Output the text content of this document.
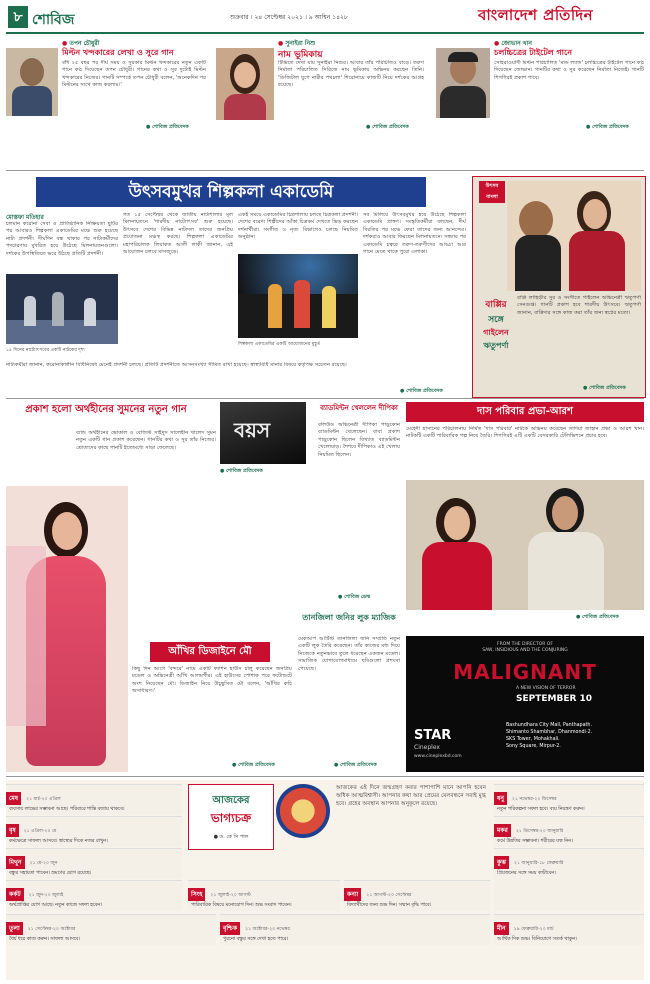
৮ শোবিজ	শুক্রবার । ২৪ সেপ্টেম্বর ২০২১ । ৯ আশ্বিন ১৪২৮	বাংলাদেশ প্রতিদিন
● তপন চৌধুরী
মিল্টন খন্দকারের লেখা ও সুরে গান
বাঁধ ২৫ বছর পর দীর্ঘ সময় ও সুরকার মিল্টন খন্দকারের নতুন একটি গানে কণ্ঠ দিয়েছেন তপন চৌধুরী। গানের কথা ও সুর দুটোই মিল্টন খন্দকারের নিজের। গানটি সম্পর্কে তপন চৌধুরী বলেন, 'অনেকদিন পর মিল্টনের সাথে কাজ করলাম।'
● শোবিজ প্রতিবেদক
● সুনাইরা নিশু
নাম ভূমিকায়
টিভিতে দেখা যায় সুনাইরা নিশুর। আবার তাঁর পরিচিতিও বাড়ে। তরুণ নির্মাতা পরিচালিত সিরিজে নাম ভূমিকায় অভিনয় করছেন তিনি। 'ডিজিটাল যুগে নারীর পথচলা' শিরোনামে কাজটি নিয়ে দর্শকের আগ্রহ রয়েছে।
● শোবিজ প্রতিবেদক
● জোভান খান
চলচ্চিত্রের টাইটেল গানে
সোহরাওয়ার্দী মিল্টন পরিচালিত 'মাড ল্যান্ড' চলচ্চিত্রের টাইটেল গানে কণ্ঠ দিয়েছেন জোভান। গানটির কথা ও সুর করেছেন নির্মাতা নিজেই। গানটি শিগগিরই প্রকাশ পাবে।
● শোবিজ প্রতিবেদক
উৎসবমুখর শিল্পকলা একাডেমি
মোস্তফা মতিহার
চলমান করোনা সেবা ও প্রাতিষ্ঠানিক নিষ্ক্রিয়তা ছুটির পর আবারও শিল্পকলা একাডেমির মঞ্চে শুরু হয়েছে নাট্য প্রদর্শনী। দীর্ঘদিন বন্ধ থাকার পর নাট্যকর্মীদের পদচারণায় মুখরিত হয়ে উঠেছে মিলনায়তনগুলো। দর্শকের উপস্থিতিতে ভরে উঠছে প্রতিটি প্রদর্শনী।
১৫ দিনের নাট্যোৎসবের একটি নাটকের দৃশ্য
গত ১৫ সেপ্টেম্বর থেকে জাতীয় নাট্যশালার মূল মিলনায়তনে 'শারদীয় নাট্যোৎসব' শুরু হয়েছে। উৎসবে দেশের বিভিন্ন নাট্যদল তাদের জনপ্রিয় প্রযোজনা মঞ্চস্থ করছে। শিল্পকলা একাডেমির মহাপরিচালক লিয়াকত আলী লাকী জানান, এই আয়োজন চলবে মাসজুড়ে।
শিল্পকলা একাডেমির একটি আয়োজনের মুহূর্ত
একই সময়ে একাডেমির চিত্রশালায় চলছে চিত্রকলা প্রদর্শনী। দেশের বরেণ্য শিল্পীদের আঁকা চিত্রকর্ম দেখতে ভিড় করছেন দর্শনার্থীরা। সংগীত ও নৃত্য বিভাগেও চলছে নিয়মিত অনুষ্ঠান।
সব মিলিয়ে উৎসবমুখর হয়ে উঠেছে শিল্পকলা একাডেমি প্রাঙ্গণ। সংস্কৃতিকর্মীরা বলছেন, দীর্ঘ বিরতির পর মঞ্চে ফেরা তাদের জন্য আনন্দের। দর্শকরাও আবার ফিরছেন মিলনায়তনে। সন্ধ্যার পর একাডেমি চত্বরে তরুণ-তরুণীদের আড্ডা আর গানে মেতে থাকে পুরো এলাকা।
নাট্যকর্মীরা জানান, করোনাকালীন বিধিনিষেধ মেনেই প্রদর্শনী চলছে। প্রতিটি প্রদর্শনীতে আসনসংখ্যা সীমিত রাখা হয়েছে। স্বাস্থ্যবিধি মানার বিষয়ে কর্তৃপক্ষ সচেতন রয়েছে।
● শোবিজ প্রতিবেদক
উৎসব
বাংলা
বাপ্পির
সঙ্গে
গাইলেন
ঋতুপর্ণা
বাপ্পি লাহিড়ীর সুর ও সংগীতে গাইলেন অভিনেত্রী ঋতুপর্ণা সেনগুপ্ত। গানটি প্রকাশ হবে শারদীয় উৎসবে। ঋতুপর্ণা জানান, বাপ্পিদার সঙ্গে কাজ করা তাঁর জন্য স্বপ্নের মতো।
● শোবিজ প্রতিবেদক
প্রকাশ হলো অর্থহীনের সুমনের নতুন গান
ব্যান্ড অর্থহীনের ভোকাল ও বেজিস্ট সাইদুস সালেহীন খালেদ সুমন নতুন একটি গান প্রকাশ করেছেন। গানটির কথা ও সুর তাঁর নিজের। শ্রোতাদের কাছে গানটি ইতোমধ্যে সাড়া ফেলেছে।
বয়স
● শোবিজ প্রতিবেদক
ব্যাডমিন্টন খেললেন দীপিকা
বলিউড অভিনেত্রী দীপিকা পাড়ুকোন ব্যাডমিন্টন খেলেছেন। বাবা প্রকাশ পাড়ুকোন ছিলেন বিখ্যাত ব্যাডমিন্টন খেলোয়াড়। শৈশবে দীপিকাও এই খেলায় নিয়মিত ছিলেন।
● শোবিজ ডেস্ক
দাস পরিবার প্রভা-আরশ
মেহেদী হাসানের পরিচালনায় নির্মিত 'দাস পরিবার' নাটকে অভিনয় করেছেন সাদিয়া জাহান প্রভা ও আরশ খান। নাটকটি একটি পারিবারিক গল্প নিয়ে তৈরি। শিগগিরই এটি একটি বেসরকারি টেলিভিশনে প্রচার হবে।
● শোবিজ প্রতিবেদক
আঁখির ডিজাইনে মৌ
কিছু দিন আগে 'বন্দরে' নামে একটি ফ্যাশন হাউস চালু করেছেন জনপ্রিয় মডেল ও অভিনেত্রী আঁখি আলমগীর। এই হাউসের পোশাক পরে ফটোশুটে অংশ নিয়েছেন মৌ। ডিজাইন নিয়ে উচ্ছ্বসিত মৌ বলেন, 'আঁখির রুচি অসাধারণ।'
● শোবিজ প্রতিবেদক
তানজিলা জনির লুক ম্যাজিক
মেকআপ আর্টিস্ট তানজিলা জনি সম্প্রতি নতুন একটি লুক তৈরি করেছেন। তাঁর কাজের মধ্য দিয়ে নিজেকে নতুনভাবে তুলে ধরেছেন একজন মডেল। সামাজিক যোগাযোগমাধ্যমে ছবিগুলো প্রশংসা পেয়েছে।
● শোবিজ প্রতিবেদক
FROM THE DIRECTOR OF
SAW, INSIDIOUS AND THE CONJURING
MALIGNANT
A NEW VISION OF TERROR
SEPTEMBER 10
STAR
Cineplex
www.cineplexbd.com
Bashundhara City Mall, Panthapath.
Shimanto Shambhar, Dhanmondi-2.
SKS Tower, Mohakhali.
Sony Square, Mirpur-2.
আজকের
ভাগ্যচক্র
● ড. কে সি পাল
আজকের এই দিনে জন্মগ্রহণ করার পাশাপাশি মানে আপনি হবেন অধিক আত্মবিশ্বাসী। আপনার কথা আর প্রেমের মেলবন্ধনে সবাই মুগ্ধ হবে। গ্রহের অবস্থান আপনার অনুকূলে রয়েছে।
মেষ ২১ মার্চ-২০ এপ্রিল
ব্যবসায় লাভের সম্ভাবনা আছে। পরিবারে শান্তি বজায় থাকবে।
বৃষ ২১ এপ্রিল-২০ মে
কর্মক্ষেত্রে সাফল্য আসবে। স্বাস্থ্যের দিকে নজর রাখুন।
মিথুন ২১ মে-২০ জুন
বন্ধুর সহায়তা পাবেন। ভ্রমণের যোগ রয়েছে।
কর্কট ২১ জুন-২০ জুলাই
অর্থপ্রাপ্তির যোগ আছে। নতুন কাজে সফল হবেন।
সিংহ ২১ জুলাই-২০ আগস্ট
পারিবারিক বিষয়ে মনোযোগ দিন। শুভ সংবাদ পাবেন।
কন্যা ২১ আগস্ট-২০ সেপ্টেম্বর
বিদ্যার্থীদের জন্য শুভ দিন। সম্মান বৃদ্ধি পাবে।
তুলা ২১ সেপ্টেম্বর-২০ অক্টোবর
ধৈর্য ধরে কাজ করুন। সাফল্য আসবে।
বৃশ্চিক ২১ অক্টোবর-২০ নভেম্বর
পুরনো বন্ধুর সঙ্গে দেখা হতে পারে।
ধনু ২১ নভেম্বর-২০ ডিসেম্বর
নতুন পরিকল্পনা সফল হবে। ব্যয় নিয়ন্ত্রণ করুন।
মকর ২১ ডিসেম্বর-২০ জানুয়ারি
কর্মে উন্নতির সম্ভাবনা। শরীরের যত্ন নিন।
কুম্ভ ২১ জানুয়ারি-১৮ ফেব্রুয়ারি
প্রিয়জনের সঙ্গে সময় কাটাবেন।
মীন ১৯ ফেব্রুয়ারি-২০ মার্চ
আর্থিক দিক শুভ। বিনিয়োগে সতর্ক থাকুন।
